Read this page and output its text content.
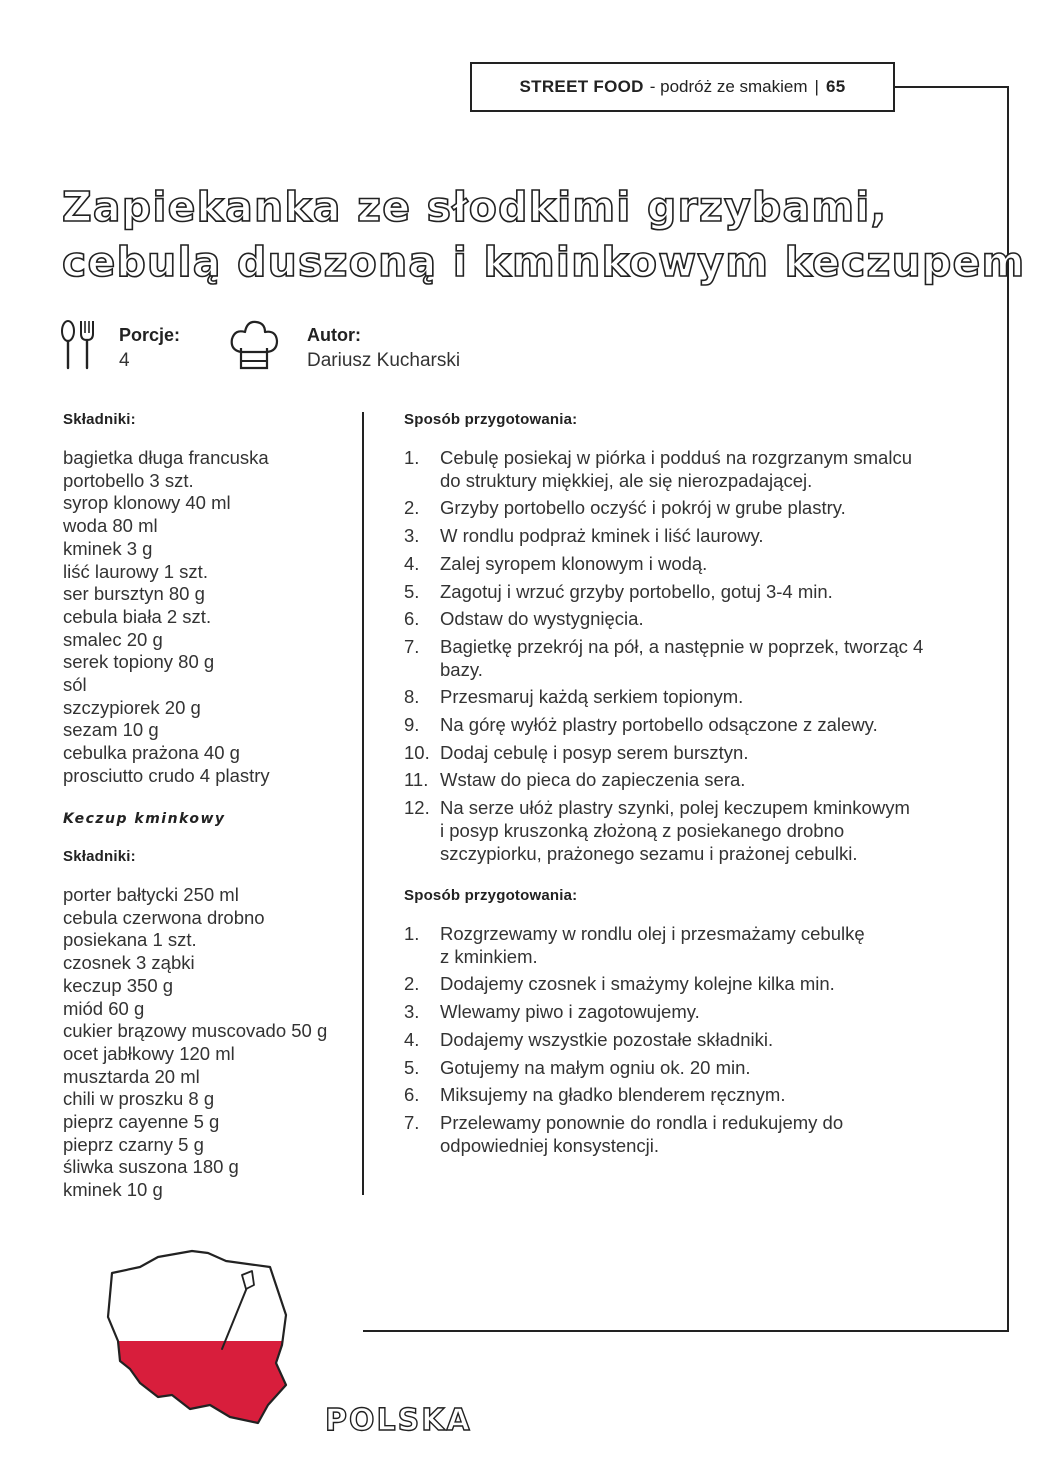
STREET FOOD - podróż ze smakiem | 65
Zapiekanka ze słodkimi grzybami,
cebulą duszoną i kminkowym keczupem
Porcje:
4
Autor:
Dariusz Kucharski
Składniki:
bagietka długa francuska
portobello 3 szt.
syrop klonowy 40 ml
woda 80 ml
kminek 3 g
liść laurowy 1 szt.
ser bursztyn 80 g
cebula biała 2 szt.
smalec 20 g
serek topiony 80 g
sól
szczypiorek 20 g
sezam 10 g
cebulka prażona 40 g
prosciutto crudo 4 plastry
Keczup kminkowy
Składniki:
porter bałtycki 250 ml
cebula czerwona drobno
posiekana 1 szt.
czosnek 3 ząbki
keczup 350 g
miód 60 g
cukier brązowy muscovado 50 g
ocet jabłkowy 120 ml
musztarda 20 ml
chili w proszku 8 g
pieprz cayenne 5 g
pieprz czarny 5 g
śliwka suszona 180 g
kminek 10 g
Sposób przygotowania:
1.	Cebulę posiekaj w piórka i podduś na rozgrzanym smalcu
do struktury miękkiej, ale się nierozpadającej.
2.	Grzyby portobello oczyść i pokrój w grube plastry.
3.	W rondlu podpraż kminek i liść laurowy.
4.	Zalej syropem klonowym i wodą.
5.	Zagotuj i wrzuć grzyby portobello, gotuj 3-4 min.
6.	Odstaw do wystygnięcia.
7.	Bagietkę przekrój na pół, a następnie w poprzek, tworząc 4
bazy.
8.	Przesmaruj każdą serkiem topionym.
9.	Na górę wyłóż plastry portobello odsączone z zalewy.
10. Dodaj cebulę i posyp serem bursztyn.
11. Wstaw do pieca do zapieczenia sera.
12. Na serze ułóż plastry szynki, polej keczupem kminkowym
i posyp kruszonką złożoną z posiekanego drobno
szczypiorku, prażonego sezamu i prażonej cebulki.
Sposób przygotowania:
1.	Rozgrzewamy w rondlu olej i przesmażamy cebulkę
z kminkiem.
2.	Dodajemy czosnek i smażymy kolejne kilka min.
3.	Wlewamy piwo i zagotowujemy.
4.	Dodajemy wszystkie pozostałe składniki.
5.	Gotujemy na małym ogniu ok. 20 min.
6.	Miksujemy na gładko blenderem ręcznym.
7.	Przelewamy ponownie do rondla i redukujemy do
odpowiedniej konsystencji.
POLSKA
